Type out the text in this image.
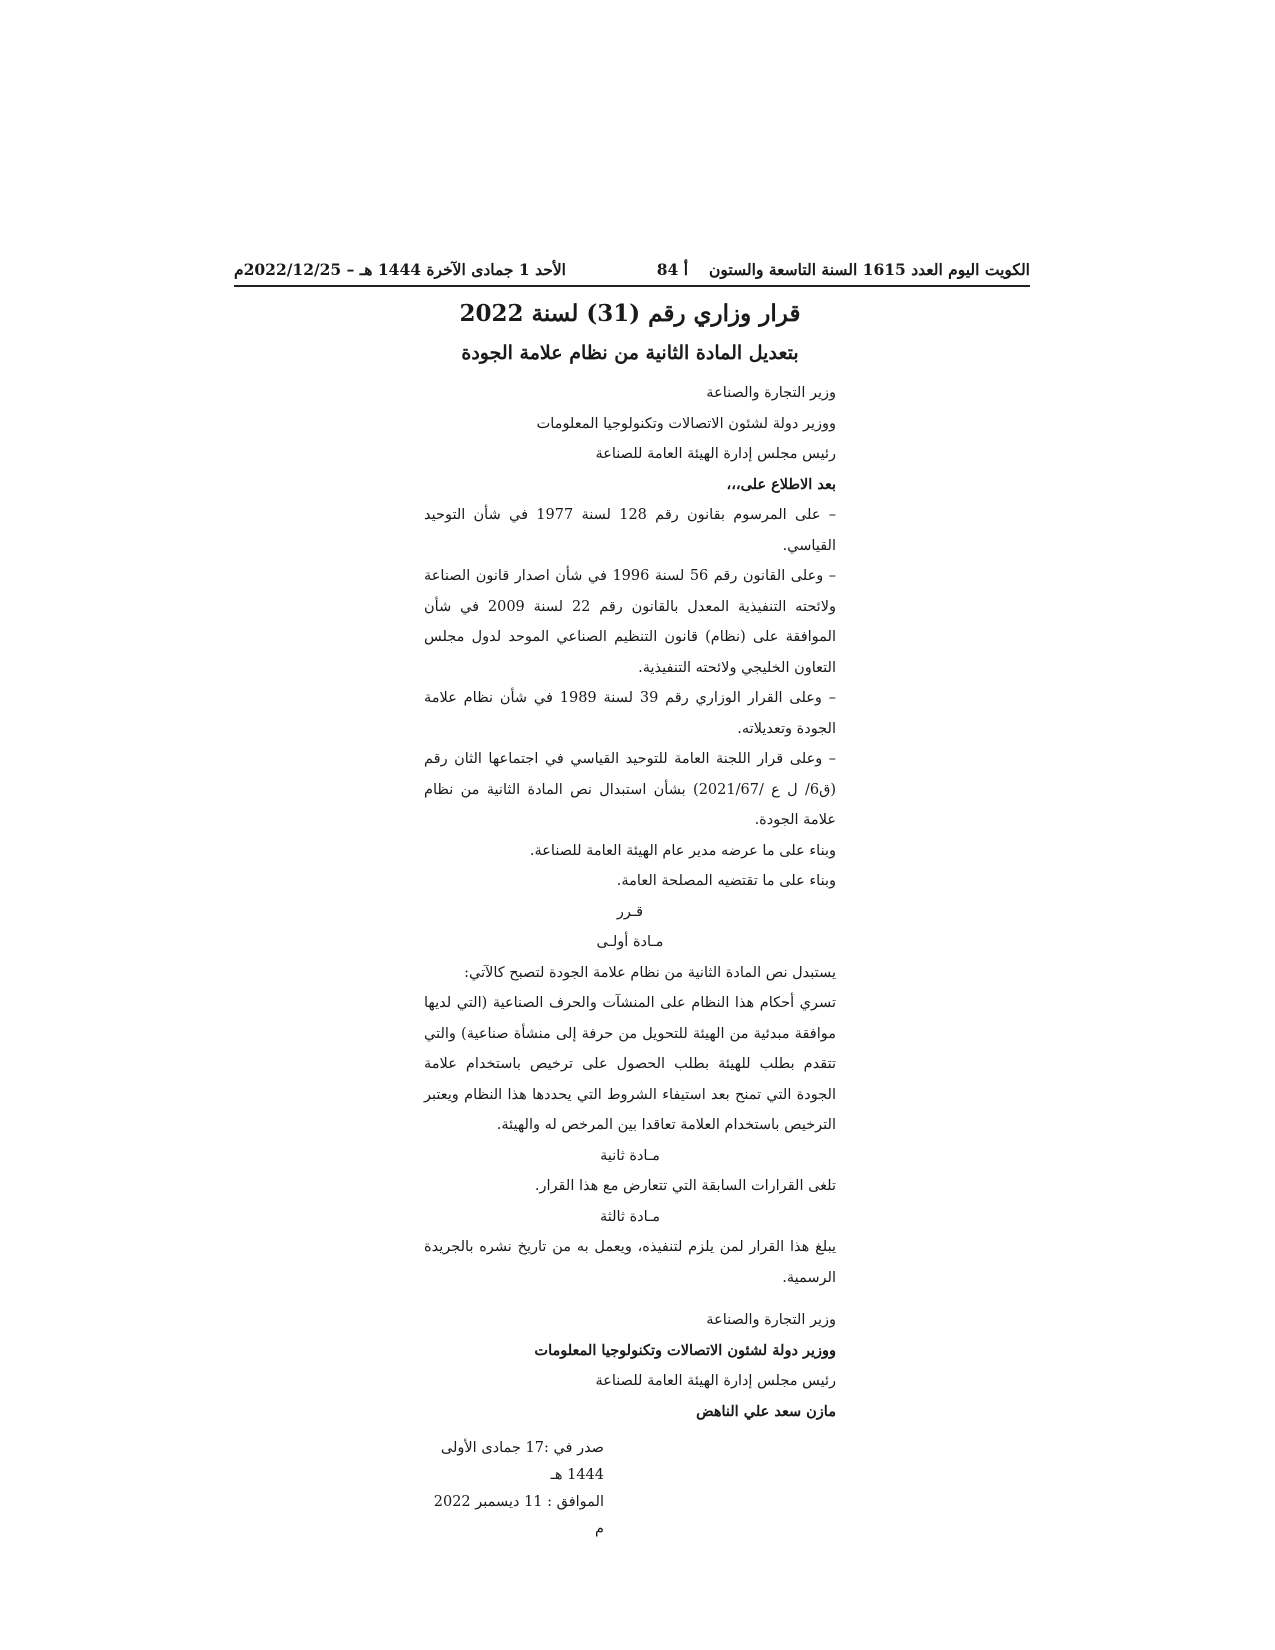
الكويت اليوم العدد 1615 السنة التاسعة والستون
أ 84
الأحد 1 جمادى الآخرة 1444 هـ – 2022/12/25م

قرار وزاري رقم (31) لسنة 2022

بتعديل المادة الثانية من نظام علامة الجودة

وزير التجارة والصناعة

ووزير دولة لشئون الاتصالات وتكنولوجيا المعلومات

رئيس مجلس إدارة الهيئة العامة للصناعة

بعد الاطلاع على،،،

– على المرسوم بقانون رقم 128 لسنة 1977 في شأن التوحيد القياسي.

– وعلى القانون رقم 56 لسنة 1996 في شأن اصدار قانون الصناعة ولائحته التنفيذية المعدل بالقانون رقم 22 لسنة 2009 في شأن الموافقة على (نظام) قانون التنظيم الصناعي الموحد لدول مجلس التعاون الخليجي ولائحته التنفيذية.

– وعلى القرار الوزاري رقم 39 لسنة 1989 في شأن نظام علامة الجودة وتعديلاته.

– وعلى قرار اللجنة العامة للتوحيد القياسي في اجتماعها الثان رقم (ق6/ ل ع /2021/67) بشأن استبدال نص المادة الثانية من نظام علامة الجودة.

وبناء على ما عرضه مدير عام الهيئة العامة للصناعة.

وبناء على ما تقتضيه المصلحة العامة.

قـرر

مـادة أولـى

يستبدل نص المادة الثانية من نظام علامة الجودة لتصبح كالآتي:

تسري أحكام هذا النظام على المنشآت والحرف الصناعية (التي لديها موافقة مبدئية من الهيئة للتحويل من حرفة إلى منشأة صناعية) والتي تتقدم بطلب للهيئة بطلب الحصول على ترخيص باستخدام علامة الجودة التي تمنح بعد استيفاء الشروط التي يحددها هذا النظام ويعتبر الترخيص باستخدام العلامة تعاقدا بين المرخص له والهيئة.

مـادة ثانية

تلغى القرارات السابقة التي تتعارض مع هذا القرار.

مـادة ثالثة

يبلغ هذا القرار لمن يلزم لتنفيذه، ويعمل به من تاريخ نشره بالجريدة الرسمية.

وزير التجارة والصناعة

ووزير دولة لشئون الاتصالات وتكنولوجيا المعلومات

رئيس مجلس إدارة الهيئة العامة للصناعة

مازن سعد علي الناهض

صدر في :17 جمادى الأولى 1444 هـ

الموافق : 11 ديسمبر 2022 م
